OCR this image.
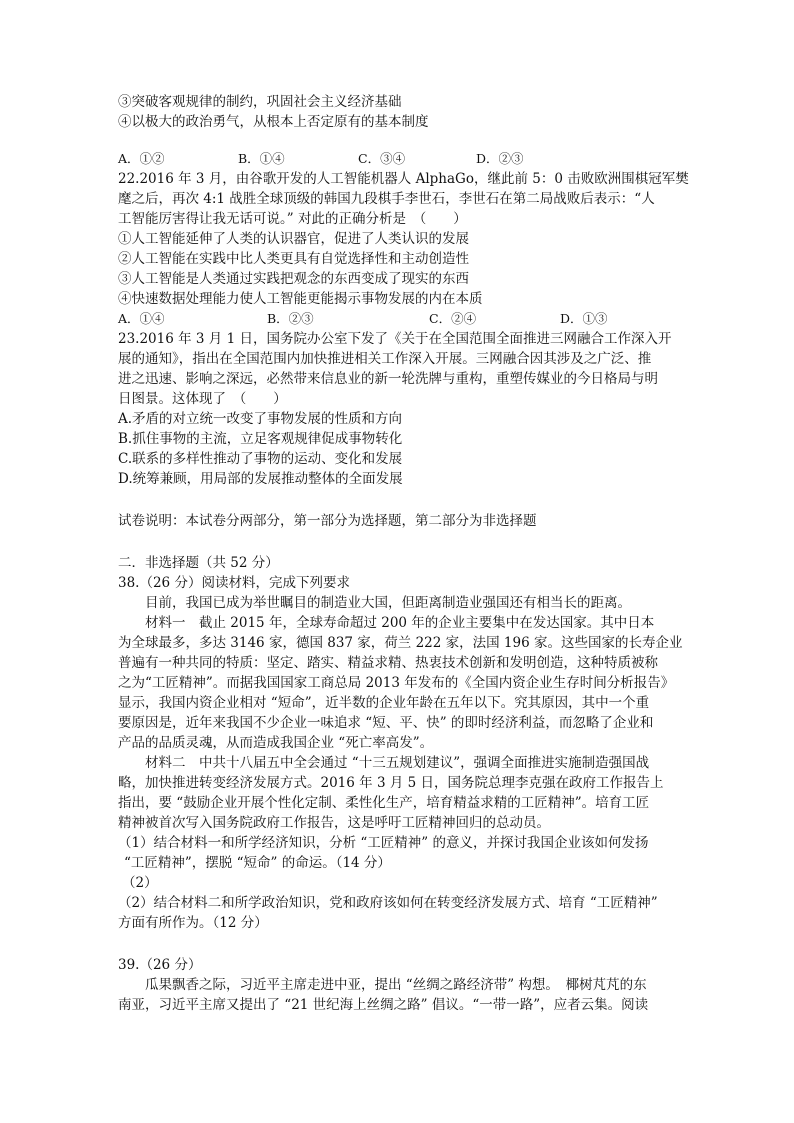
③突破客观规律的制约，巩固社会主义经济基础
④以极大的政治勇气，从根本上否定原有的基本制度
A．①②	B．①④	C．③④	D．②③
22.2016 年 3 月，由谷歌开发的人工智能机器人 AlphaGo，继此前 5：0 击败欧洲围棋冠军樊
麾之后，再次 4:1 战胜全球顶级的韩国九段棋手李世石，李世石在第二局战败后表示：“人
工智能厉害得让我无话可说。” 对此的正确分析是　（　　）
①人工智能延伸了人类的认识器官，促进了人类认识的发展
②人工智能在实践中比人类更具有自觉选择性和主动创造性
③人工智能是人类通过实践把观念的东西变成了现实的东西
④快速数据处理能力使人工智能更能揭示事物发展的内在本质
A．①④	B．②③	C．②④	D．①③
23.2016 年 3 月 1 日，国务院办公室下发了《关于在全国范围全面推进三网融合工作深入开
展的通知》，指出在全国范围内加快推进相关工作深入开展。三网融合因其涉及之广泛、推
进之迅速、影响之深远，必然带来信息业的新一轮洗牌与重构，重塑传媒业的今日格局与明
日图景。这体现了　（　　）
A.矛盾的对立统一改变了事物发展的性质和方向
B.抓住事物的主流，立足客观规律促成事物转化
C.联系的多样性推动了事物的运动、变化和发展
D.统筹兼顾，用局部的发展推动整体的全面发展
试卷说明：本试卷分两部分，第一部分为选择题，第二部分为非选择题
二．非选择题（共 52 分）
38.（26 分）阅读材料，完成下列要求
目前，我国已成为举世瞩目的制造业大国，但距离制造业强国还有相当长的距离。
材料一　截止 2015 年，全球寿命超过 200 年的企业主要集中在发达国家。其中日本
为全球最多，多达 3146 家，德国 837 家，荷兰 222 家，法国 196 家。这些国家的长寿企业
普遍有一种共同的特质：坚定、踏实、精益求精、热衷技术创新和发明创造，这种特质被称
之为“工匠精神”。而据我国国家工商总局 2013 年发布的《全国内资企业生存时间分析报告》
显示，我国内资企业相对 “短命”，近半数的企业年龄在五年以下。究其原因，其中一个重
要原因是，近年来我国不少企业一味追求 “短、平、快” 的即时经济利益，而忽略了企业和
产品的品质灵魂，从而造成我国企业 “死亡率高发”。
材料二　中共十八届五中全会通过 “十三五规划建议”，强调全面推进实施制造强国战
略，加快推进转变经济发展方式。2016 年 3 月 5 日，国务院总理李克强在政府工作报告上
指出，要 “鼓励企业开展个性化定制、柔性化生产，培育精益求精的工匠精神”。培育工匠
精神被首次写入国务院政府工作报告，这是呼吁工匠精神回归的总动员。
（1）结合材料一和所学经济知识，分析 “工匠精神” 的意义，并探讨我国企业该如何发扬
“工匠精神”，摆脱 “短命” 的命运。（14 分）
（2）
（2）结合材料二和所学政治知识，党和政府该如何在转变经济发展方式、培育 “工匠精神”
方面有所作为。（12 分）
39.（26 分）
瓜果飘香之际，习近平主席走进中亚，提出 “丝绸之路经济带” 构想。　椰树芃芃的东
南亚，习近平主席又提出了 “21 世纪海上丝绸之路” 倡议。“一带一路”，应者云集。阅读
